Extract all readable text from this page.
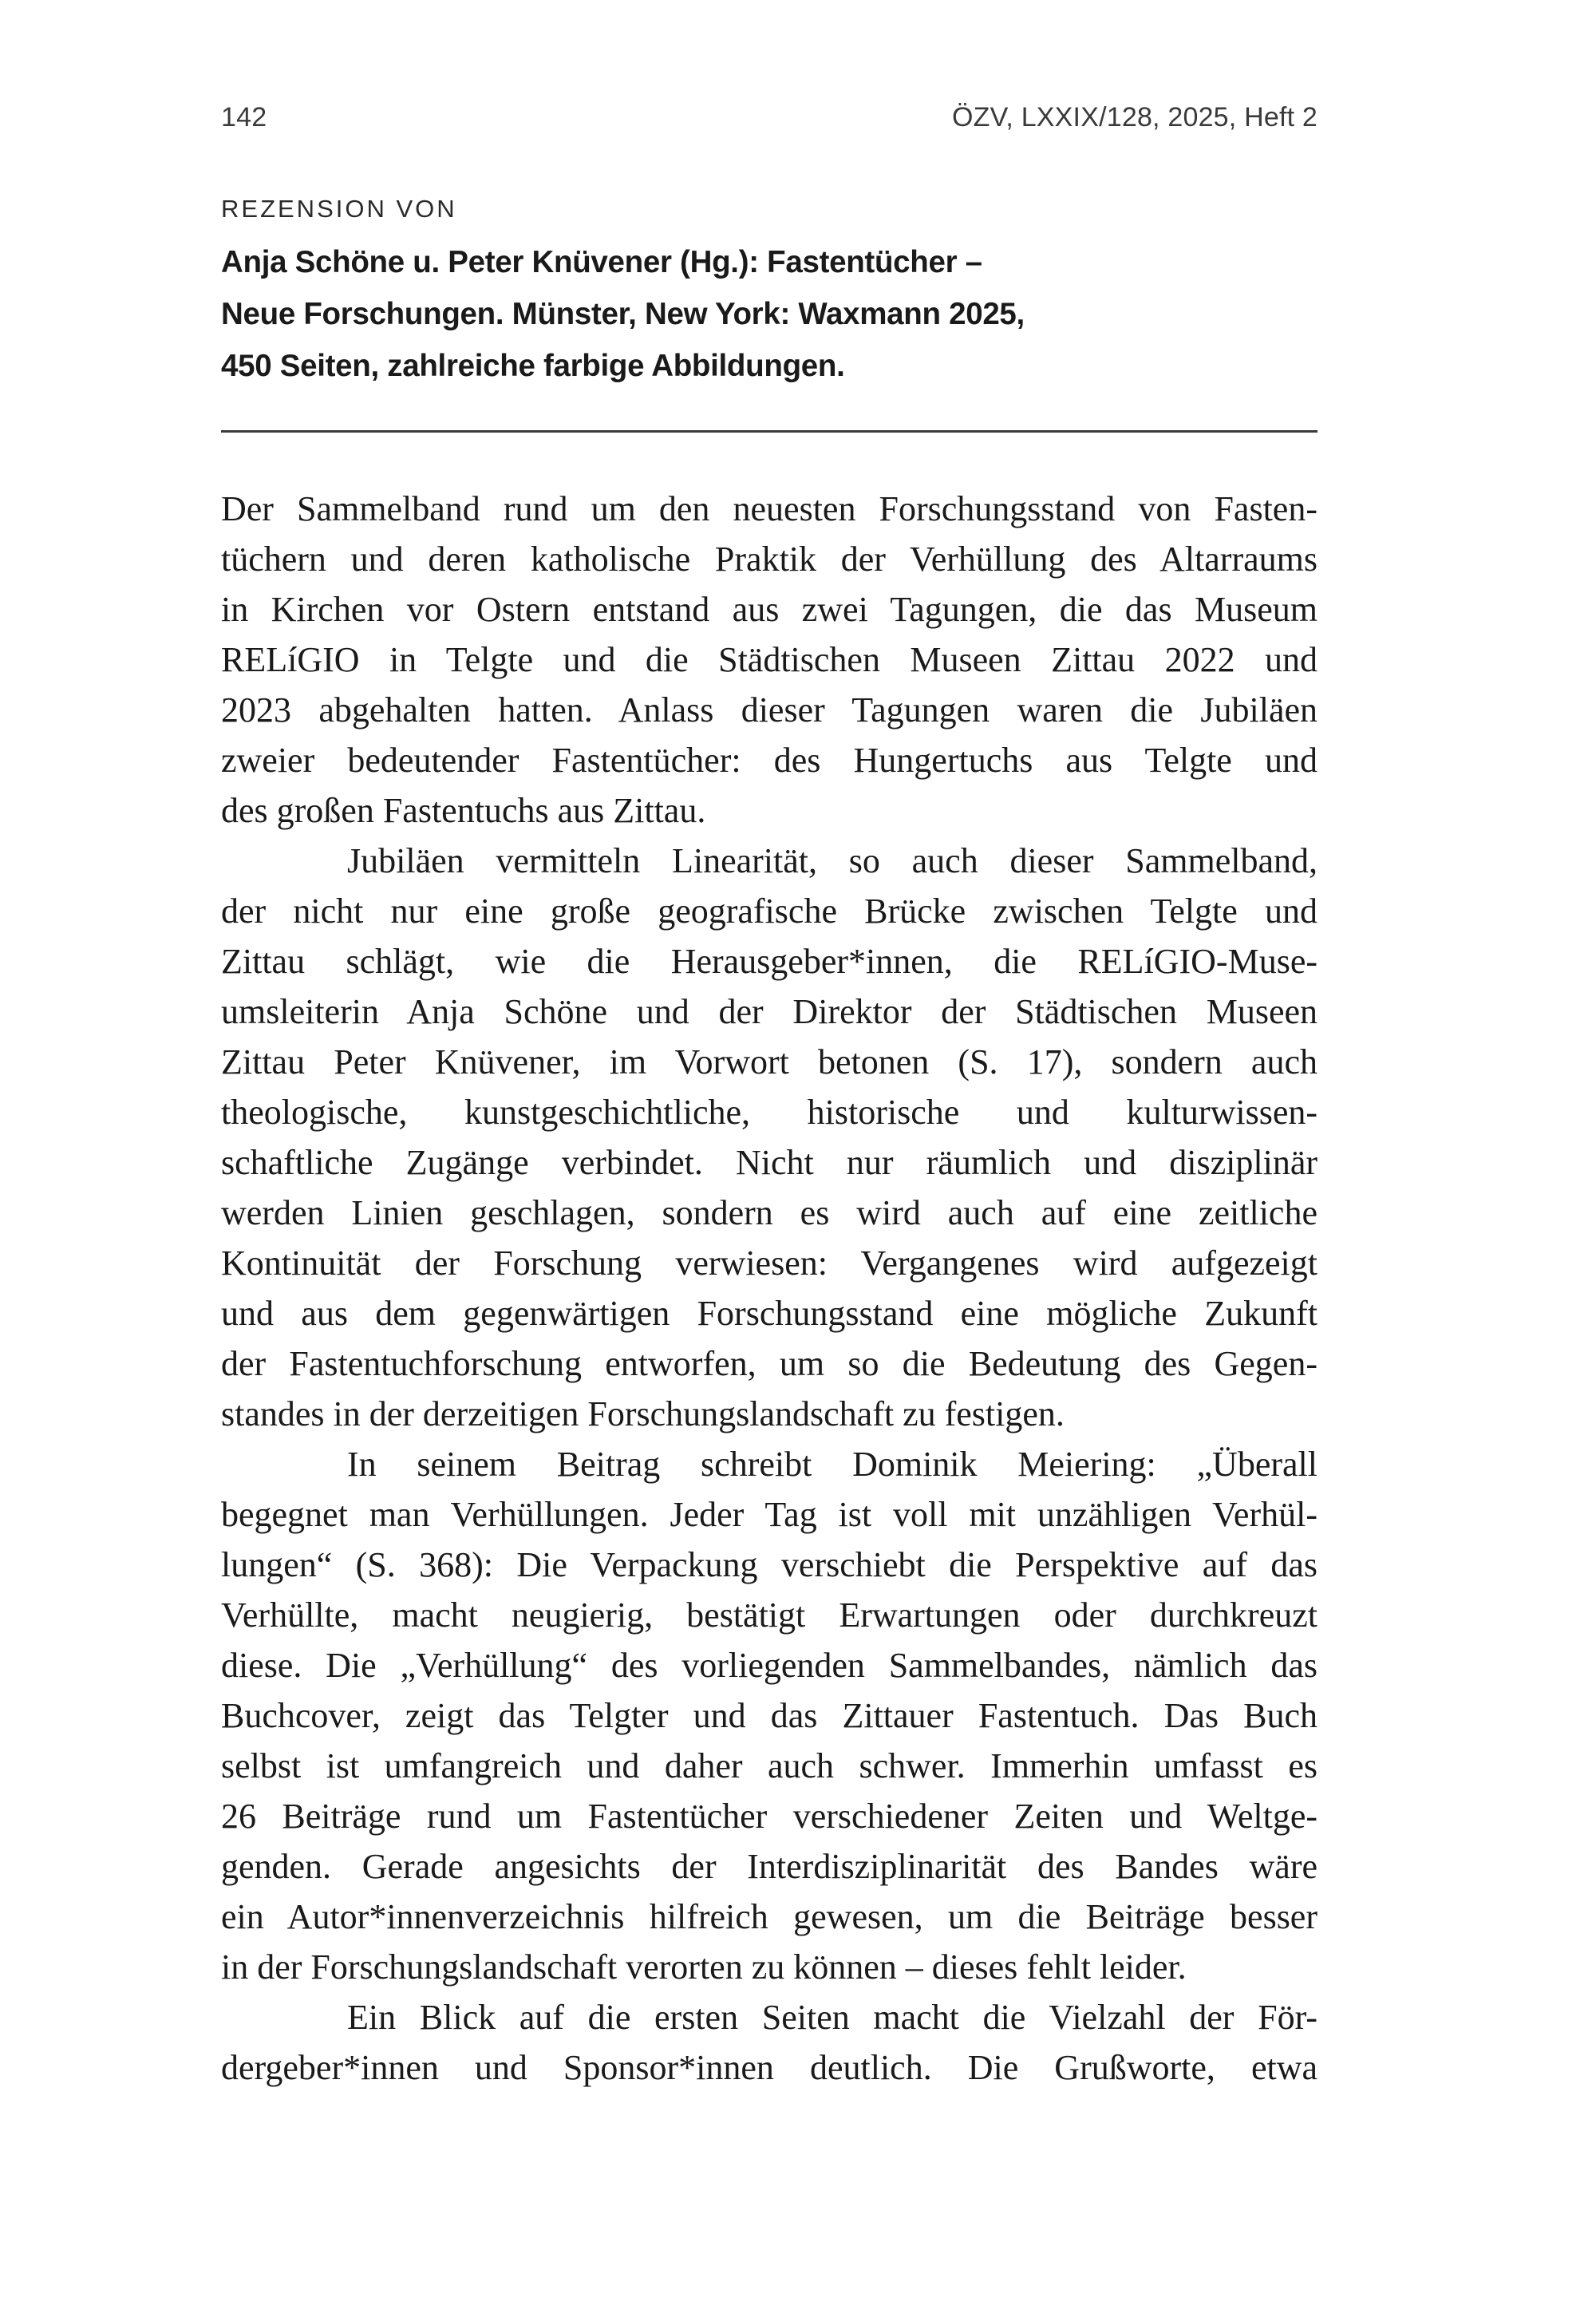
142	ÖZV, LXXIX/128, 2025, Heft 2
REZENSION VON
Anja Schöne u. Peter Knüvener (Hg.): Fastentücher –
Neue Forschungen. Münster, New York: Waxmann 2025,
450 Seiten, zahlreiche farbige Abbildungen.
Der Sammelband rund um den neuesten Forschungsstand von Fasten-
tüchern und deren katholische Praktik der Verhüllung des Altarraums
in Kirchen vor Ostern entstand aus zwei Tagungen, die das Museum
RELíGIO in Telgte und die Städtischen Museen Zittau 2022 und
2023 abgehalten hatten. Anlass dieser Tagungen waren die Jubiläen
zweier bedeutender Fastentücher: des Hungertuchs aus Telgte und
des großen Fastentuchs aus Zittau.
Jubiläen vermitteln Linearität, so auch dieser Sammelband,
der nicht nur eine große geografische Brücke zwischen Telgte und
Zittau schlägt, wie die Herausgeber*innen, die RELíGIO-Muse-
umsleiterin Anja Schöne und der Direktor der Städtischen Museen
Zittau Peter Knüvener, im Vorwort betonen (S. 17), sondern auch
theologische, kunstgeschichtliche, historische und kulturwissen-
schaftliche Zugänge verbindet. Nicht nur räumlich und disziplinär
werden Linien geschlagen, sondern es wird auch auf eine zeitliche
Kontinuität der Forschung verwiesen: Vergangenes wird aufgezeigt
und aus dem gegenwärtigen Forschungsstand eine mögliche Zukunft
der Fastentuchforschung entworfen, um so die Bedeutung des Gegen-
standes in der derzeitigen Forschungslandschaft zu festigen.
In seinem Beitrag schreibt Dominik Meiering: „Überall
begegnet man Verhüllungen. Jeder Tag ist voll mit unzähligen Verhül-
lungen“ (S. 368): Die Verpackung verschiebt die Perspektive auf das
Verhüllte, macht neugierig, bestätigt Erwartungen oder durchkreuzt
diese. Die „Verhüllung“ des vorliegenden Sammelbandes, nämlich das
Buchcover, zeigt das Telgter und das Zittauer Fastentuch. Das Buch
selbst ist umfangreich und daher auch schwer. Immerhin umfasst es
26 Beiträge rund um Fastentücher verschiedener Zeiten und Weltge-
genden. Gerade angesichts der Interdisziplinarität des Bandes wäre
ein Autor*innenverzeichnis hilfreich gewesen, um die Beiträge besser
in der Forschungslandschaft verorten zu können – dieses fehlt leider.
Ein Blick auf die ersten Seiten macht die Vielzahl der För-
dergeber*innen und Sponsor*innen deutlich. Die Grußworte, etwa
